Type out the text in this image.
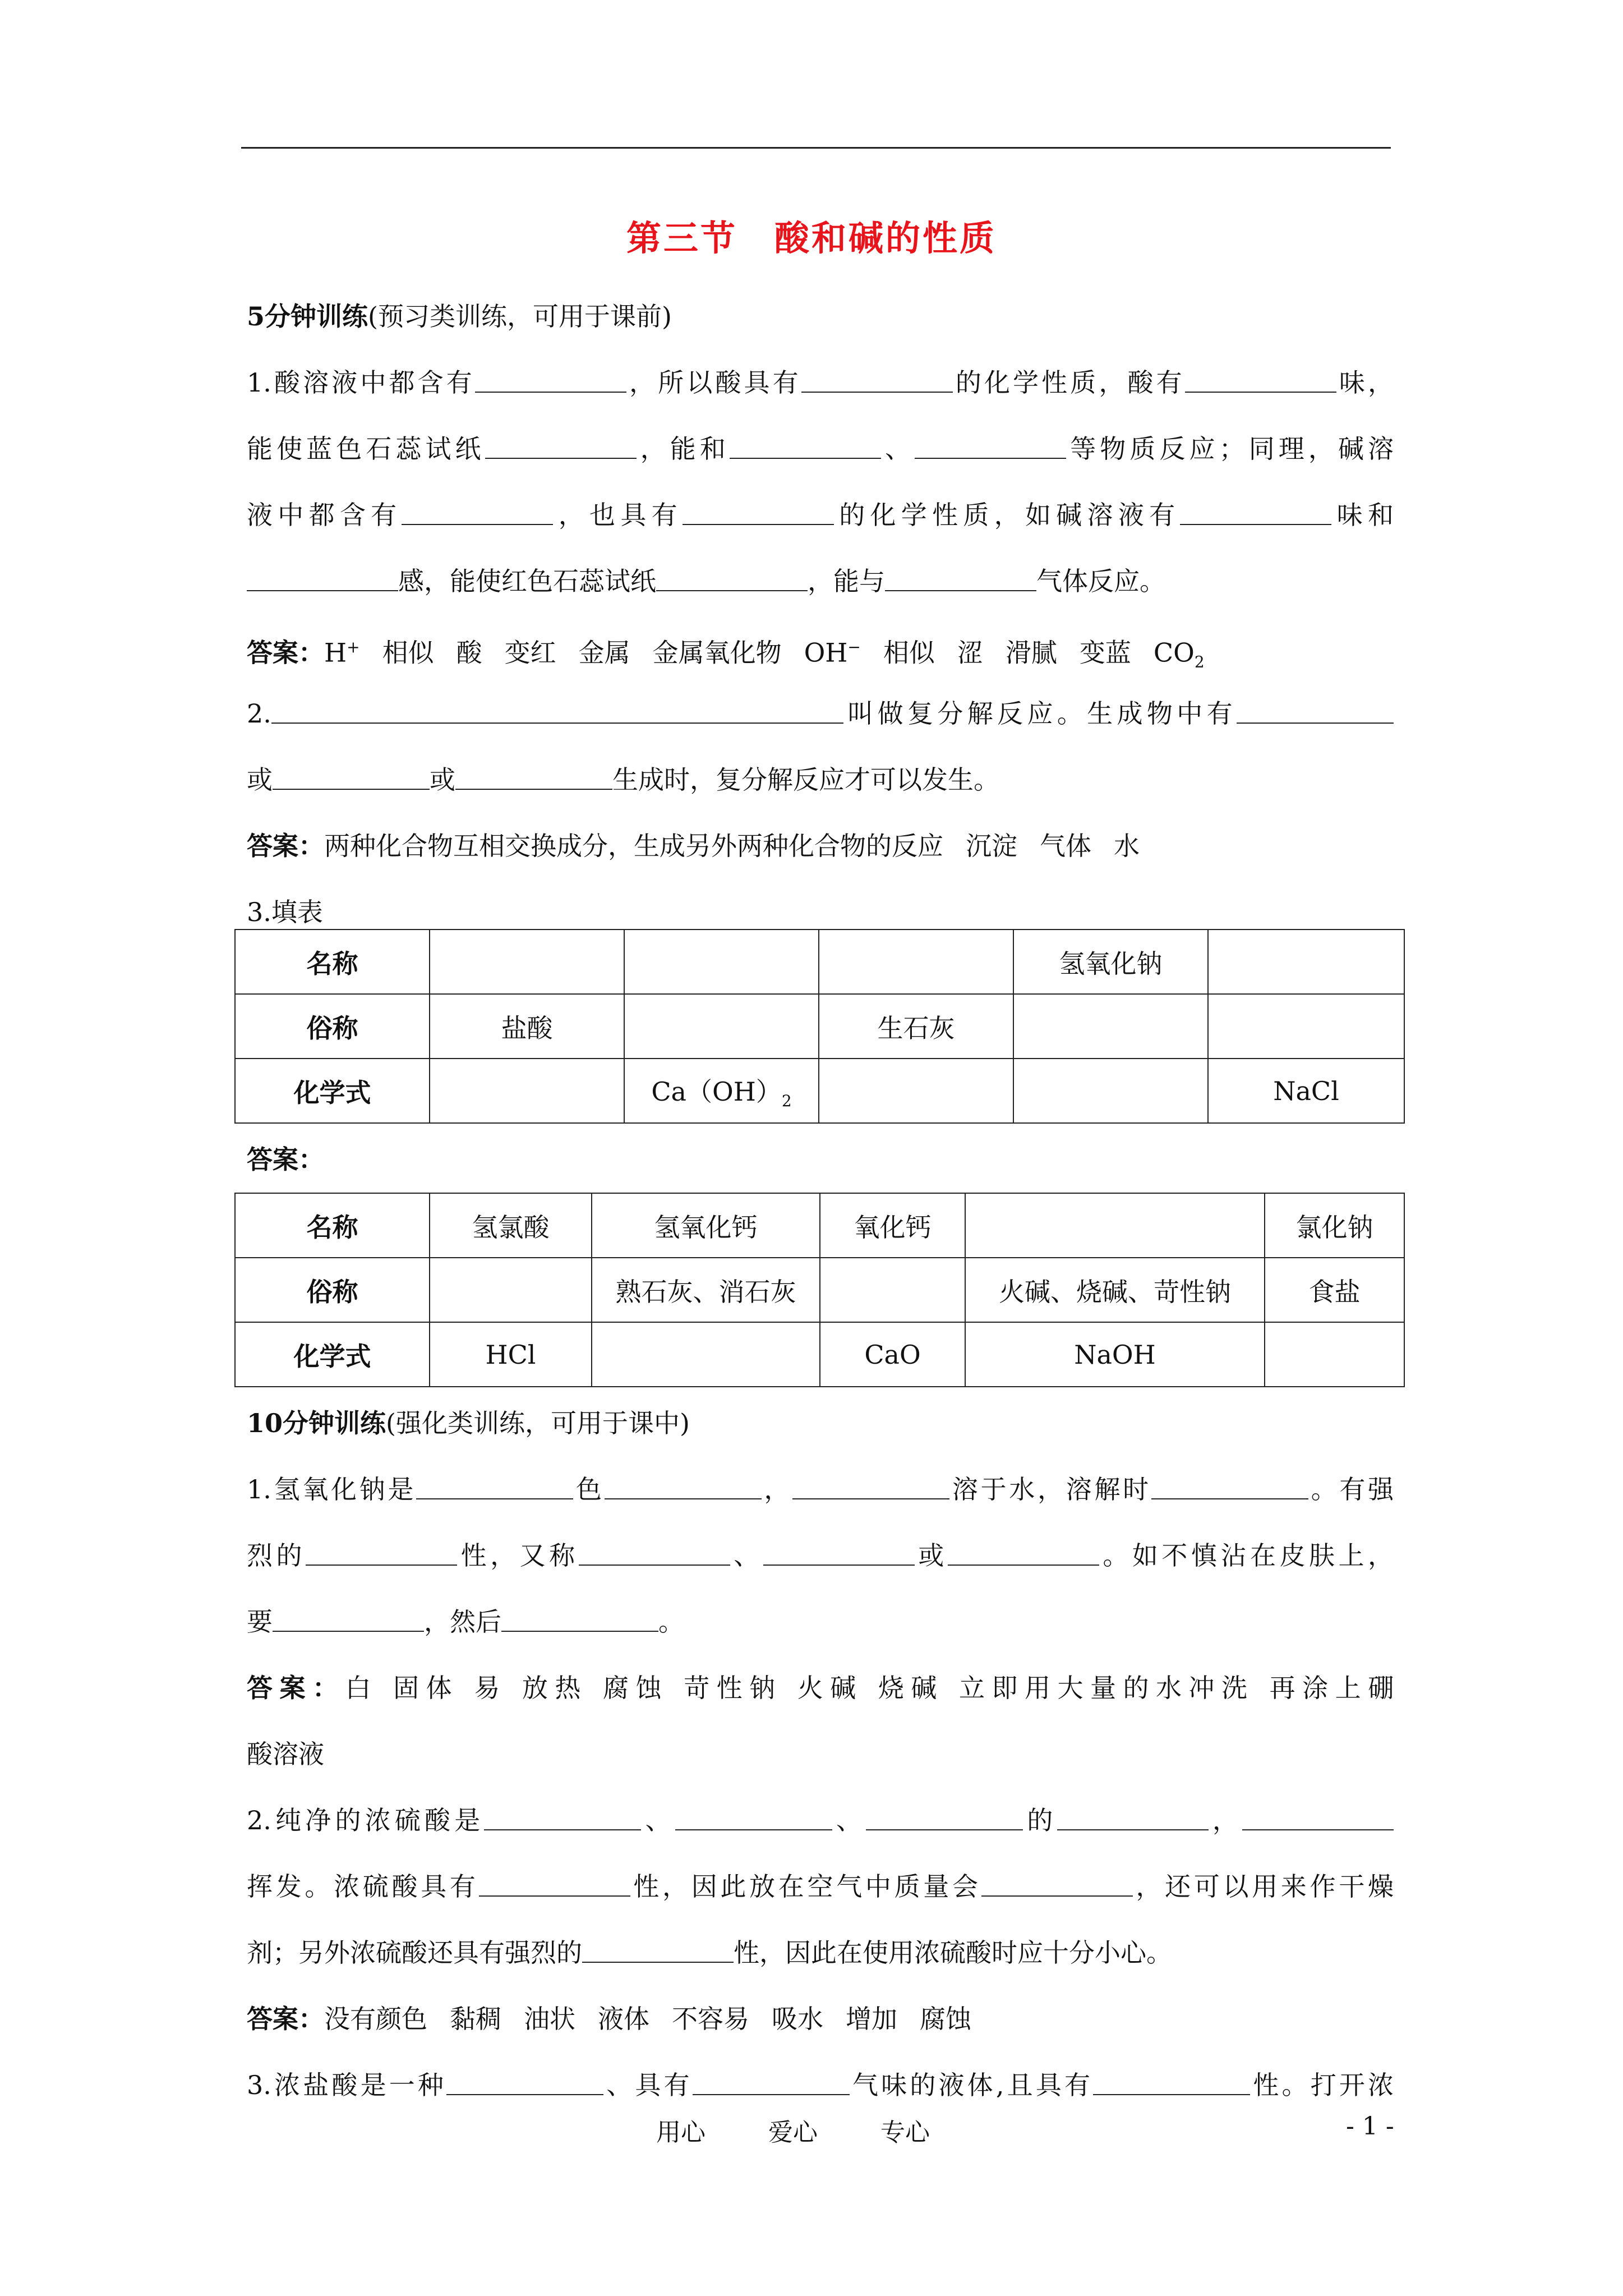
第三节　酸和碱的性质
5分钟训练(预习类训练，可用于课前)
1.酸溶液中都含有	，所以酸具有	的化学性质，酸有	味，
能使蓝色石蕊试纸	，能和	、	等物质反应；同理，碱溶
液中都含有	，也具有	的化学性质，如碱溶液有	味和
感，能使红色石蕊试纸	，能与	气体反应。
答案：H+ 相似 酸 变红 金属 金属氧化物 OH− 相似 涩 滑腻 变蓝 $CO_2$
2.	叫做复分解反应。生成物中有
或	或	生成时，复分解反应才可以发生。
答案：两种化合物互相交换成分，生成另外两种化合物的反应 沉淀 气体 水
3.填表
名称				氢氧化钠	
俗称	盐酸		生石灰		
化学式		$Ca(OH)_2$			NaCl
答案：
名称	氢氯酸	氢氧化钙	氧化钙		氯化钠
俗称		熟石灰、消石灰		火碱、烧碱、苛性钠	食盐
化学式	HCl		CaO	NaOH	
10分钟训练(强化类训练，可用于课中)
1.氢氧化钠是	色	，	溶于水，溶解时	。有强
烈的	性，又称	、	或	。如不慎沾在皮肤上，
要	，然后	。
答案：白 固体 易 放热 腐蚀 苛性钠 火碱 烧碱 立即用大量的水冲洗 再涂上硼
酸溶液
2.纯净的浓硫酸是	、	、	的	，
挥发。浓硫酸具有	性，因此放在空气中质量会	，还可以用来作干燥
剂；另外浓硫酸还具有强烈的	性，因此在使用浓硫酸时应十分小心。
答案：没有颜色 黏稠 油状 液体 不容易 吸水 增加 腐蚀
3.浓盐酸是一种	、具有	气味的液体,且具有	性。打开浓
用心	爱心	专心	- 1 -
